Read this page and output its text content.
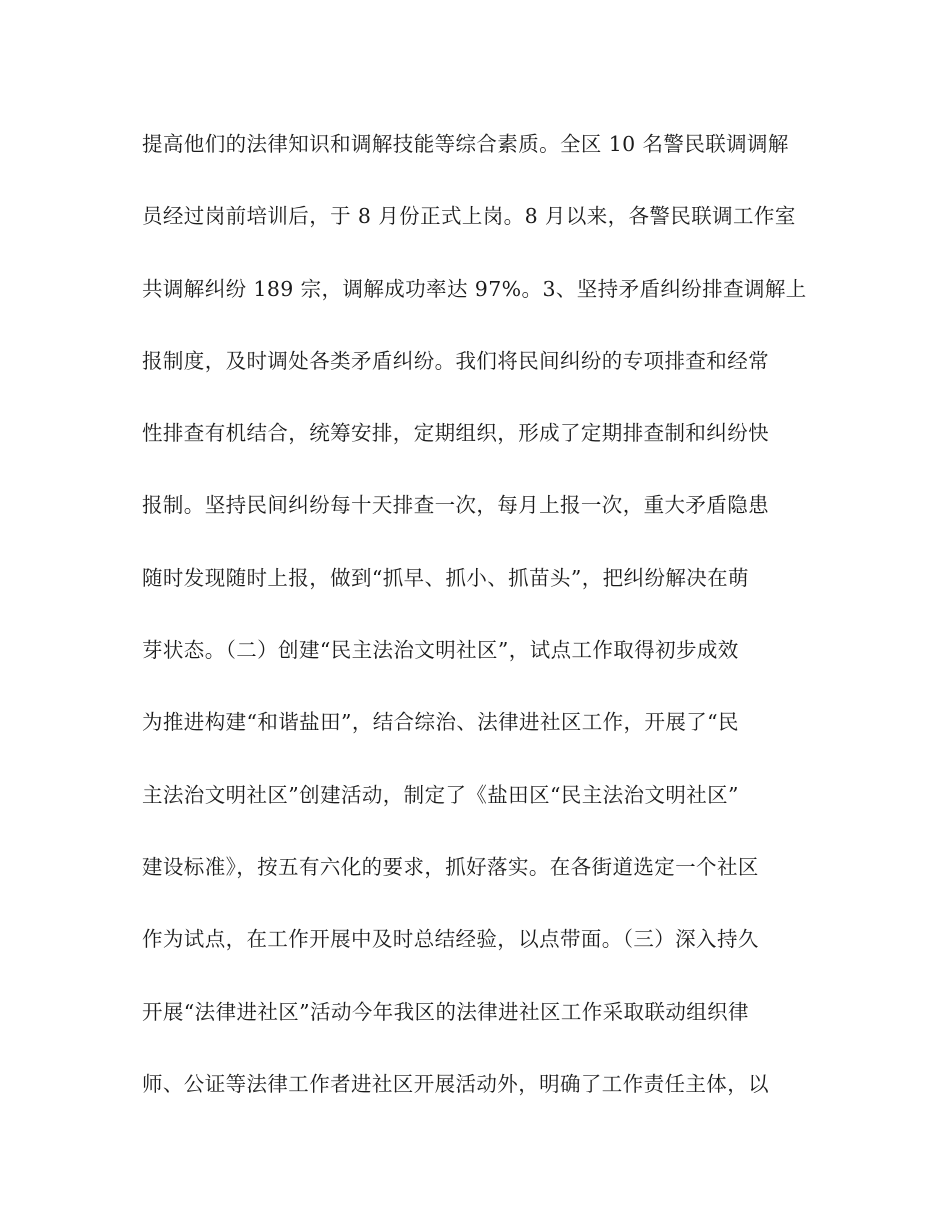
提高他们的法律知识和调解技能等综合素质。全区 10 名警民联调调解
员经过岗前培训后，于 8 月份正式上岗。8 月以来，各警民联调工作室
共调解纠纷 189 宗，调解成功率达 97%。3、坚持矛盾纠纷排查调解上
报制度，及时调处各类矛盾纠纷。我们将民间纠纷的专项排查和经常
性排查有机结合，统筹安排，定期组织，形成了定期排查制和纠纷快
报制。坚持民间纠纷每十天排查一次，每月上报一次，重大矛盾隐患
随时发现随时上报，做到“抓早、抓小、抓苗头”，把纠纷解决在萌
芽状态。（二）创建“民主法治文明社区”，试点工作取得初步成效
为推进构建“和谐盐田”，结合综治、法律进社区工作，开展了“民
主法治文明社区”创建活动，制定了《盐田区“民主法治文明社区”
建设标准》，按五有六化的要求，抓好落实。在各街道选定一个社区
作为试点，在工作开展中及时总结经验，以点带面。（三）深入持久
开展“法律进社区”活动今年我区的法律进社区工作采取联动组织律
师、公证等法律工作者进社区开展活动外，明确了工作责任主体，以
